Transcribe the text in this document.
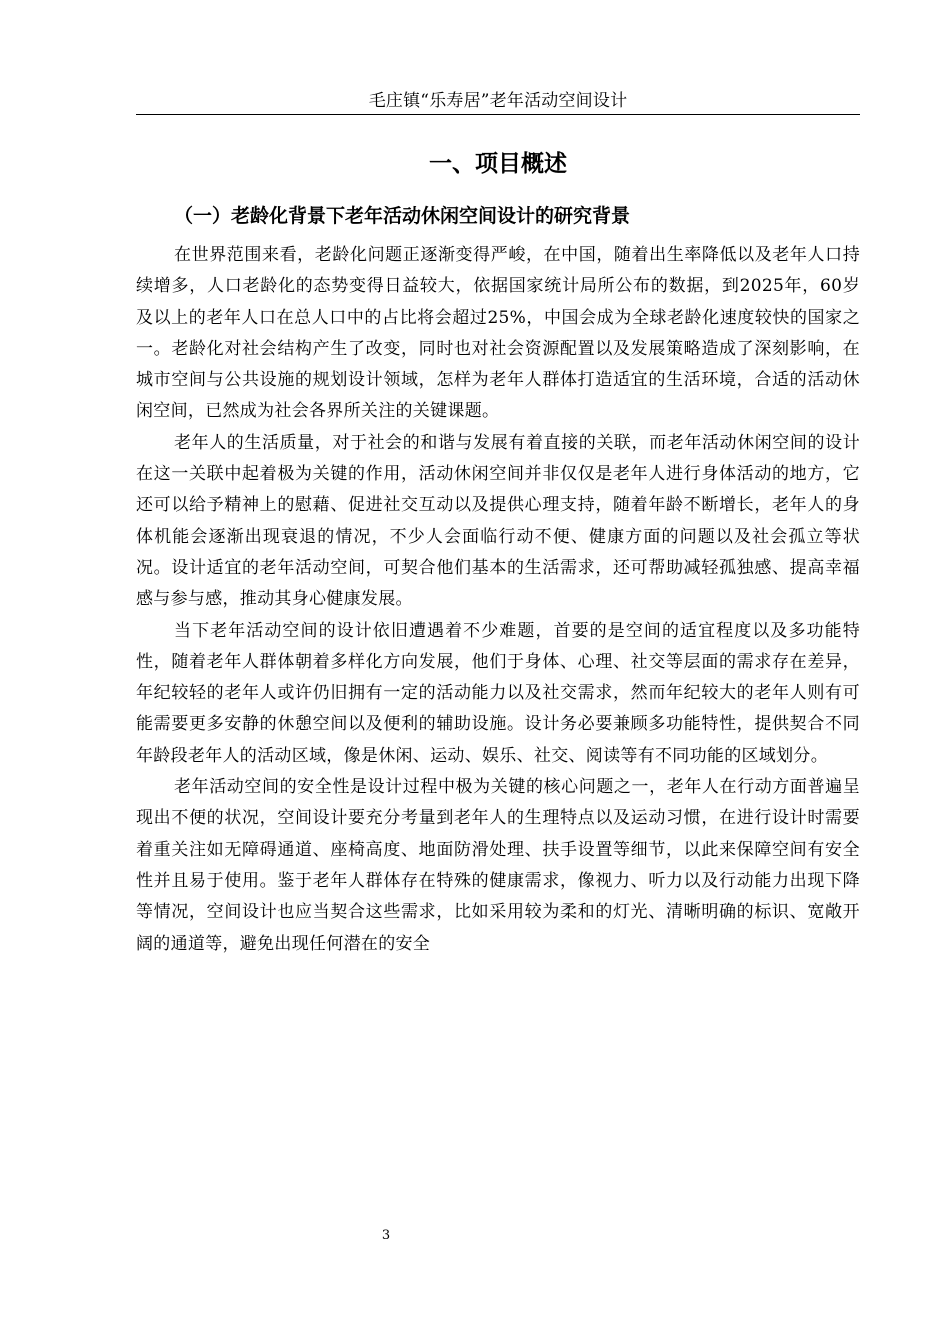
毛庄镇“乐寿居”老年活动空间设计
一、项目概述
（一）老龄化背景下老年活动休闲空间设计的研究背景

在世界范围来看，老龄化问题正逐渐变得严峻，在中国，随着出生率降低以及老年人口持续增多，人口老龄化的态势变得日益较大，依据国家统计局所公布的数据，到2025年，60岁及以上的老年人口在总人口中的占比将会超过25%，中国会成为全球老龄化速度较快的国家之一。老龄化对社会结构产生了改变，同时也对社会资源配置以及发展策略造成了深刻影响，在城市空间与公共设施的规划设计领域，怎样为老年人群体打造适宜的生活环境，合适的活动休闲空间，已然成为社会各界所关注的关键课题。

老年人的生活质量，对于社会的和谐与发展有着直接的关联，而老年活动休闲空间的设计在这一关联中起着极为关键的作用，活动休闲空间并非仅仅是老年人进行身体活动的地方，它还可以给予精神上的慰藉、促进社交互动以及提供心理支持，随着年龄不断增长，老年人的身体机能会逐渐出现衰退的情况，不少人会面临行动不便、健康方面的问题以及社会孤立等状况。设计适宜的老年活动空间，可契合他们基本的生活需求，还可帮助减轻孤独感、提高幸福感与参与感，推动其身心健康发展。

当下老年活动空间的设计依旧遭遇着不少难题，首要的是空间的适宜程度以及多功能特性，随着老年人群体朝着多样化方向发展，他们于身体、心理、社交等层面的需求存在差异，年纪较轻的老年人或许仍旧拥有一定的活动能力以及社交需求，然而年纪较大的老年人则有可能需要更多安静的休憩空间以及便利的辅助设施。设计务必要兼顾多功能特性，提供契合不同年龄段老年人的活动区域，像是休闲、运动、娱乐、社交、阅读等有不同功能的区域划分。

老年活动空间的安全性是设计过程中极为关键的核心问题之一，老年人在行动方面普遍呈现出不便的状况，空间设计要充分考量到老年人的生理特点以及运动习惯，在进行设计时需要着重关注如无障碍通道、座椅高度、地面防滑处理、扶手设置等细节，以此来保障空间有安全性并且易于使用。鉴于老年人群体存在特殊的健康需求，像视力、听力以及行动能力出现下降等情况，空间设计也应当契合这些需求，比如采用较为柔和的灯光、清晰明确的标识、宽敞开阔的通道等，避免出现任何潜在的安全

3
